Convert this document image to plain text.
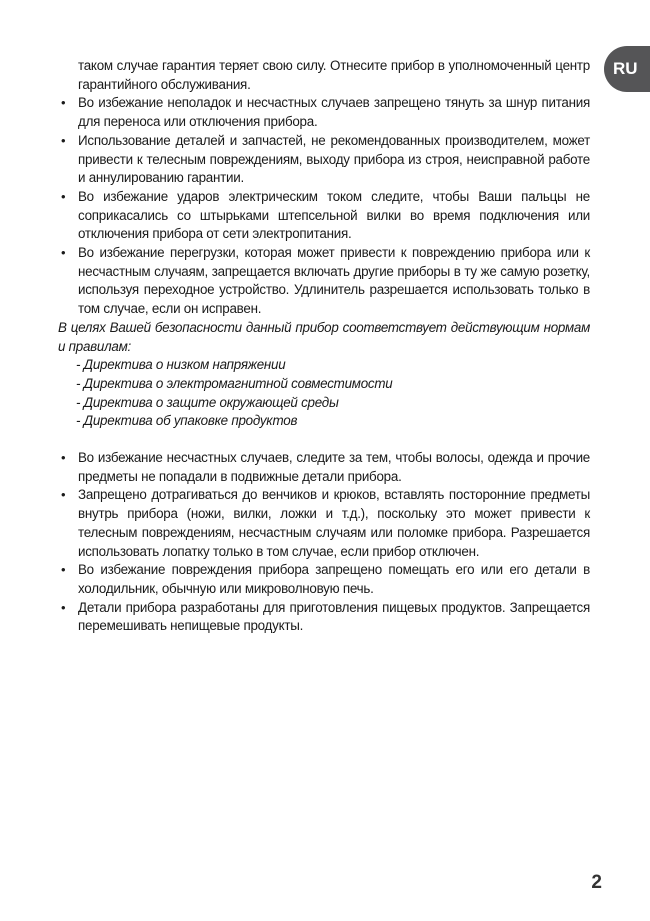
RU

таком случае гарантия теряет свою силу. Отнесите прибор в уполномоченный центр гарантийного обслуживания.

• Во избежание неполадок и несчастных случаев запрещено тянуть за шнур питания для переноса или отключения прибора.
• Использование деталей и запчастей, не рекомендованных производителем, может привести к телесным повреждениям, выходу прибора из строя, неисправной работе и аннулированию гарантии.
• Во избежание ударов электрическим током следите, чтобы Ваши пальцы не соприкасались со штырьками штепсельной вилки во время подключения или отключения прибора от сети электропитания.
• Во избежание перегрузки, которая может привести к повреждению прибора или к несчастным случаям, запрещается включать другие приборы в ту же самую розетку, используя переходное устройство. Удлинитель разрешается использовать только в том случае, если он исправен.

В целях Вашей безопасности данный прибор соответствует действующим нормам и правилам:

- Директива о низком напряжении
- Директива о электромагнитной совместимости
- Директива о защите окружающей среды
- Директива об упаковке продуктов
• Во избежание несчастных случаев, следите за тем, чтобы волосы, одежда и прочие предметы не попадали в подвижные детали прибора.
• Запрещено дотрагиваться до венчиков и крюков, вставлять посторонние предметы внутрь прибора (ножи, вилки, ложки и т.д.), поскольку это может привести к телесным повреждениям, несчастным случаям или поломке прибора. Разрешается использовать лопатку только в том случае, если прибор отключен.
• Во избежание повреждения прибора запрещено помещать его или его детали в холодильник, обычную или микроволновую печь.
• Детали прибора разработаны для приготовления пищевых продуктов. Запрещается перемешивать непищевые продукты.
2
